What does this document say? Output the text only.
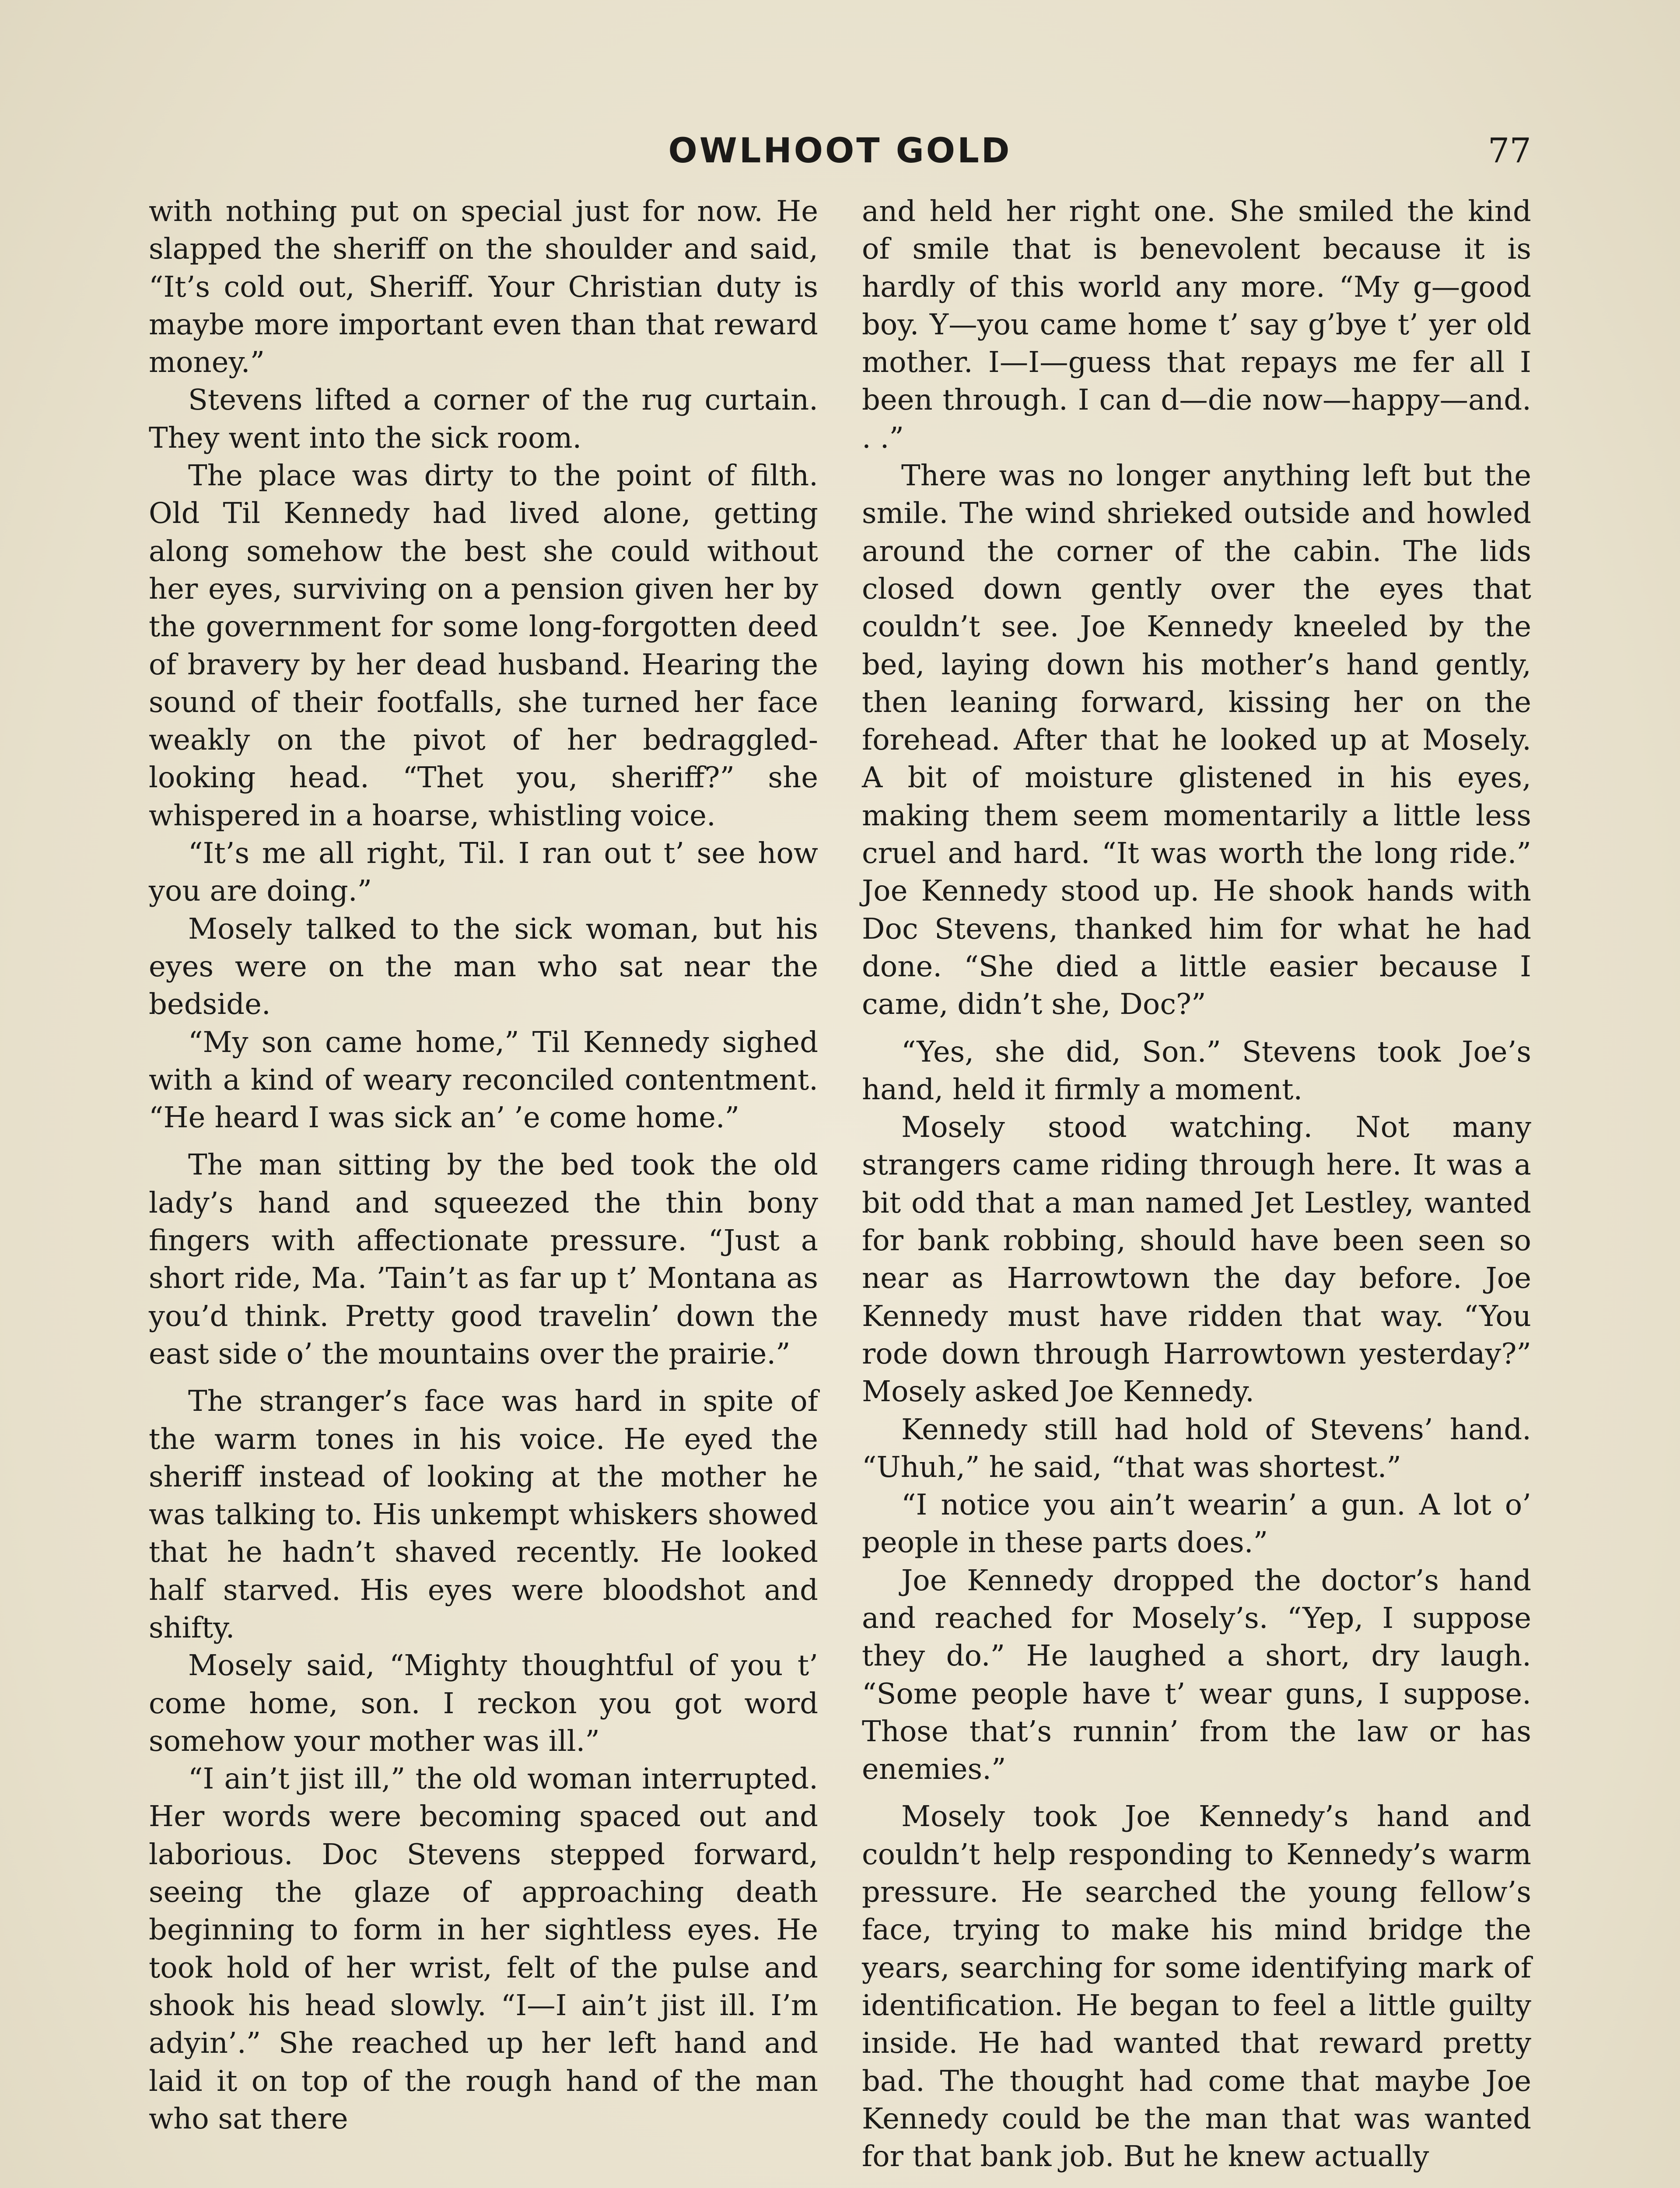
OWLHOOT GOLD	77

with nothing put on special just for now. He slapped the sheriff on the shoulder and said, “It’s cold out, Sheriff. Your Christian duty is maybe more important even than that reward money.”

Stevens lifted a corner of the rug curtain. They went into the sick room.

The place was dirty to the point of filth. Old Til Kennedy had lived alone, getting along somehow the best she could without her eyes, surviving on a pension given her by the government for some long-forgotten deed of bravery by her dead husband. Hearing the sound of their footfalls, she turned her face weakly on the pivot of her bedraggled-looking head. “Thet you, sheriff?” she whispered in a hoarse, whistling voice.

“It’s me all right, Til. I ran out t’ see how you are doing.”

Mosely talked to the sick woman, but his eyes were on the man who sat near the bedside.

“My son came home,” Til Kennedy sighed with a kind of weary reconciled contentment. “He heard I was sick an’ ’e come home.”

The man sitting by the bed took the old lady’s hand and squeezed the thin bony fingers with affectionate pressure. “Just a short ride, Ma. ’Tain’t as far up t’ Montana as you’d think. Pretty good travelin’ down the east side o’ the mountains over the prairie.”

The stranger’s face was hard in spite of the warm tones in his voice. He eyed the sheriff instead of looking at the mother he was talking to. His unkempt whiskers showed that he hadn’t shaved recently. He looked half starved. His eyes were bloodshot and shifty.

Mosely said, “Mighty thoughtful of you t’ come home, son. I reckon you got word somehow your mother was ill.”

“I ain’t jist ill,” the old woman interrupted. Her words were becoming spaced out and laborious. Doc Stevens stepped forward, seeing the glaze of approaching death beginning to form in her sightless eyes. He took hold of her wrist, felt of the pulse and shook his head slowly. “I—I ain’t jist ill. I’m adyin’.” She reached up her left hand and laid it on top of the rough hand of the man who sat there

and held her right one. She smiled the kind of smile that is benevolent because it is hardly of this world any more. “My g—good boy. Y—you came home t’ say g’bye t’ yer old mother. I—I—guess that repays me fer all I been through. I can d—die now—happy—and. . .”

There was no longer anything left but the smile. The wind shrieked outside and howled around the corner of the cabin. The lids closed down gently over the eyes that couldn’t see. Joe Kennedy kneeled by the bed, laying down his mother’s hand gently, then leaning forward, kissing her on the forehead. After that he looked up at Mosely. A bit of moisture glistened in his eyes, making them seem momentarily a little less cruel and hard. “It was worth the long ride.” Joe Kennedy stood up. He shook hands with Doc Stevens, thanked him for what he had done. “She died a little easier because I came, didn’t she, Doc?”

“Yes, she did, Son.” Stevens took Joe’s hand, held it firmly a moment.

Mosely stood watching. Not many strangers came riding through here. It was a bit odd that a man named Jet Lestley, wanted for bank robbing, should have been seen so near as Harrowtown the day before. Joe Kennedy must have ridden that way. “You rode down through Harrowtown yesterday?” Mosely asked Joe Kennedy.

Kennedy still had hold of Stevens’ hand. “Uhuh,” he said, “that was shortest.”

“I notice you ain’t wearin’ a gun. A lot o’ people in these parts does.”

Joe Kennedy dropped the doctor’s hand and reached for Mosely’s. “Yep, I suppose they do.” He laughed a short, dry laugh. “Some people have t’ wear guns, I suppose. Those that’s runnin’ from the law or has enemies.”

Mosely took Joe Kennedy’s hand and couldn’t help responding to Kennedy’s warm pressure. He searched the young fellow’s face, trying to make his mind bridge the years, searching for some identifying mark of identification. He began to feel a little guilty inside. He had wanted that reward pretty bad. The thought had come that maybe Joe Kennedy could be the man that was wanted for that bank job. But he knew actually
